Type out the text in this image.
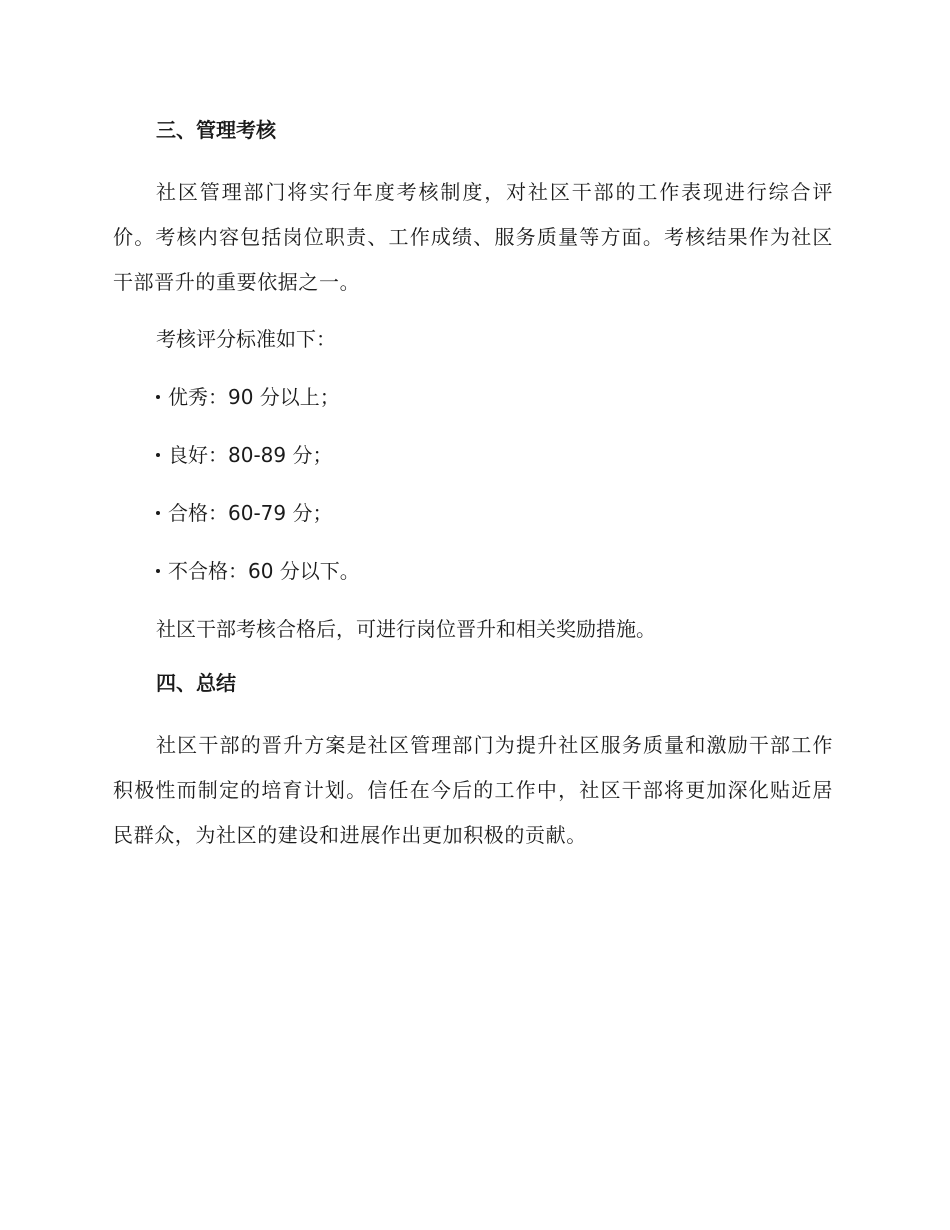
三、管理考核

社区管理部门将实行年度考核制度，对社区干部的工作表现进行综合评价。考核内容包括岗位职责、工作成绩、服务质量等方面。考核结果作为社区干部晋升的重要依据之一。

考核评分标准如下：
优秀：90 分以上；
良好：80-89 分；
合格：60-79 分；
不合格：60 分以下。
社区干部考核合格后，可进行岗位晋升和相关奖励措施。
四、总结

社区干部的晋升方案是社区管理部门为提升社区服务质量和激励干部工作积极性而制定的培育计划。信任在今后的工作中，社区干部将更加深化贴近居民群众，为社区的建设和进展作出更加积极的贡献。
